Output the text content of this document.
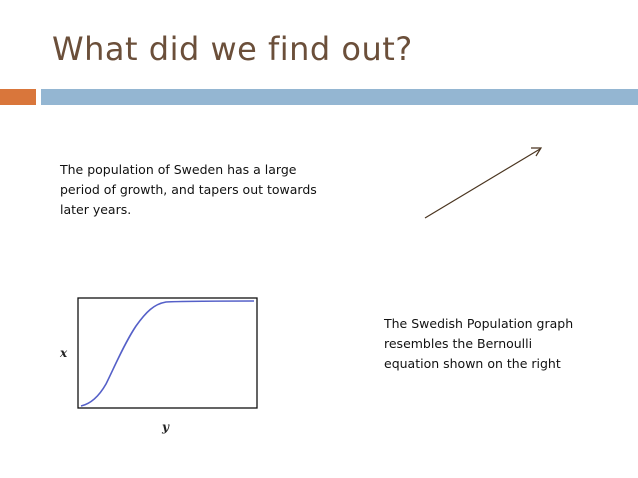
What did we find out?
The population of Sweden has a large period of growth, and tapers out towards later years.
x
y
The Swedish Population graph resembles the Bernoulli equation shown on the right
